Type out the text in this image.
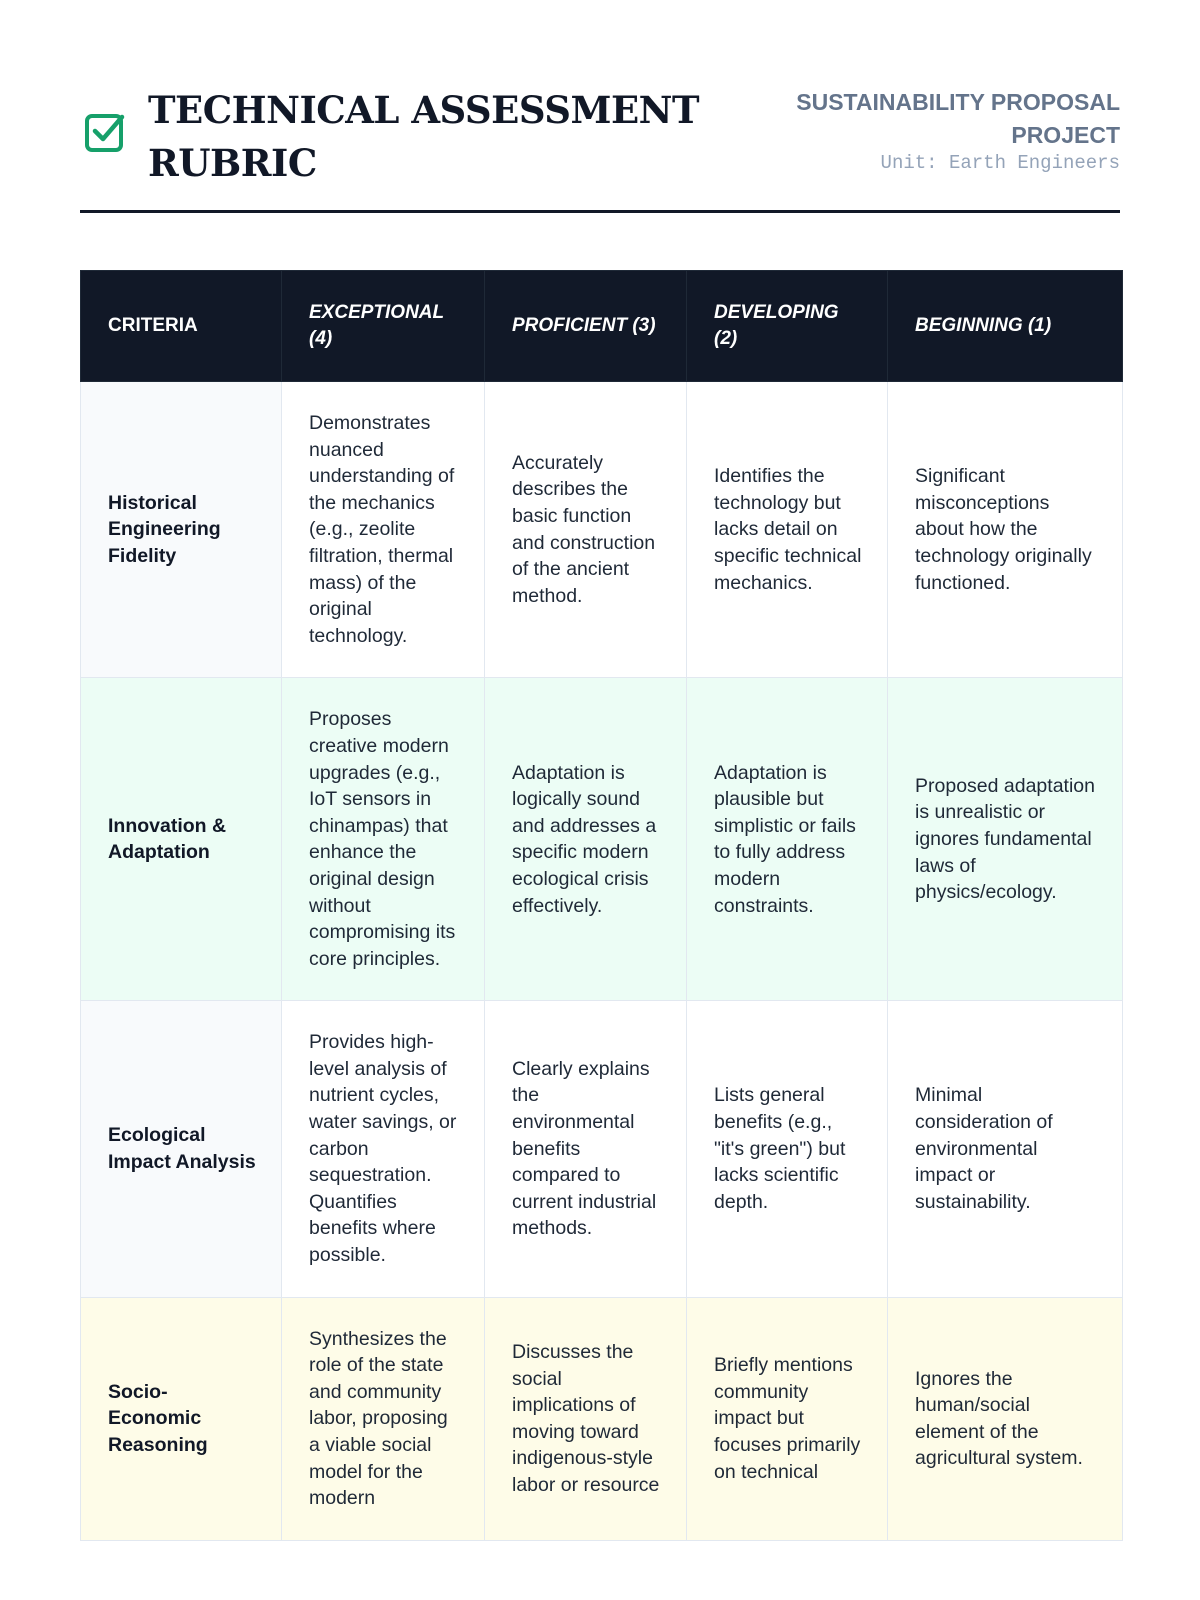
TECHNICAL ASSESSMENT RUBRIC
SUSTAINABILITY PROPOSAL PROJECT
Unit: Earth Engineers
CRITERIA	EXCEPTIONAL (4)	PROFICIENT (3)	DEVELOPING (2)	BEGINNING (1)
Historical Engineering Fidelity	Demonstrates nuanced understanding of the mechanics (e.g., zeolite filtration, thermal mass) of the original technology.	Accurately describes the basic function and construction of the ancient method.	Identifies the technology but lacks detail on specific technical mechanics.	Significant misconceptions about how the technology originally functioned.
Innovation & Adaptation	Proposes creative modern upgrades (e.g., IoT sensors in chinampas) that enhance the original design without compromising its core principles.	Adaptation is logically sound and addresses a specific modern ecological crisis effectively.	Adaptation is plausible but simplistic or fails to fully address modern constraints.	Proposed adaptation is unrealistic or ignores fundamental laws of physics/ecology.
Ecological Impact Analysis	Provides high-level analysis of nutrient cycles, water savings, or carbon sequestration. Quantifies benefits where possible.	Clearly explains the environmental benefits compared to current industrial methods.	Lists general benefits (e.g., "it's green") but lacks scientific depth.	Minimal consideration of environmental impact or sustainability.
Socio-Economic Reasoning	Synthesizes the role of the state and community labor, proposing a viable social model for the modern	Discusses the social implications of moving toward indigenous-style labor or resource	Briefly mentions community impact but focuses primarily on technical	Ignores the human/social element of the agricultural system.
